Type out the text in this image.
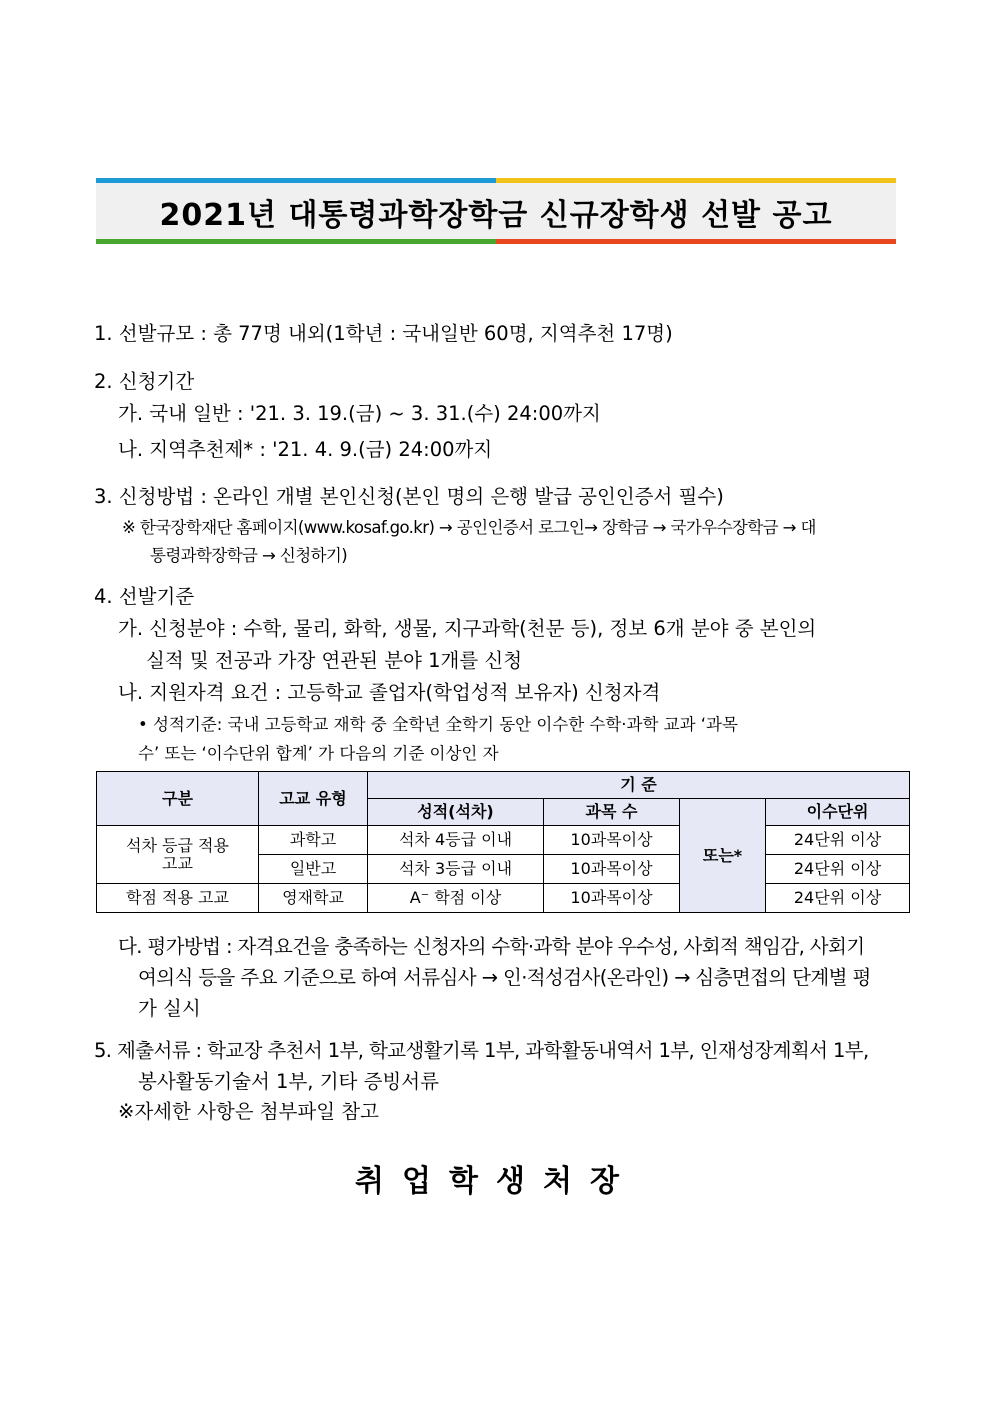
2021년 대통령과학장학금 신규장학생 선발 공고
1. 선발규모 : 총 77명 내외(1학년 : 국내일반 60명, 지역추천 17명)
2. 신청기간
가. 국내 일반 : '21. 3. 19.(금) ~ 3. 31.(수) 24:00까지
나. 지역추천제* : '21. 4. 9.(금) 24:00까지
3. 신청방법 : 온라인 개별 본인신청(본인 명의 은행 발급 공인인증서 필수)
※ 한국장학재단 홈페이지(www.kosaf.go.kr) → 공인인증서 로그인→ 장학금 → 국가우수장학금 → 대
통령과학장학금 → 신청하기)
4. 선발기준
가. 신청분야 : 수학, 물리, 화학, 생물, 지구과학(천문 등), 정보 6개 분야 중 본인의
실적 및 전공과 가장 연관된 분야 1개를 신청
나. 지원자격 요건 : 고등학교 졸업자(학업성적 보유자) 신청자격
• 성적기준: 국내 고등학교 재학 중 全학년 全학기 동안 이수한 수학·과학 교과 ‘과목
수’ 또는 ‘이수단위 합계’ 가 다음의 기준 이상인 자
구분	고교 유형	기 준			
		성적(석차)	과목 수	또는*	이수단위
석차 등급 적용 고교	과학고	석차 4등급 이내	10과목이상		24단위 이상
	일반고	석차 3등급 이내	10과목이상		24단위 이상
학점 적용 고교	영재학교	A⁻ 학점 이상	10과목이상		24단위 이상
다. 평가방법 : 자격요건을 충족하는 신청자의 수학·과학 분야 우수성, 사회적 책임감, 사회기
여의식 등을 주요 기준으로 하여 서류심사 → 인·적성검사(온라인) → 심층면접의 단계별 평
가 실시
5. 제출서류 : 학교장 추천서 1부, 학교생활기록 1부, 과학활동내역서 1부, 인재성장계획서 1부,
봉사활동기술서 1부, 기타 증빙서류
※자세한 사항은 첨부파일 참고
취업학생처장
